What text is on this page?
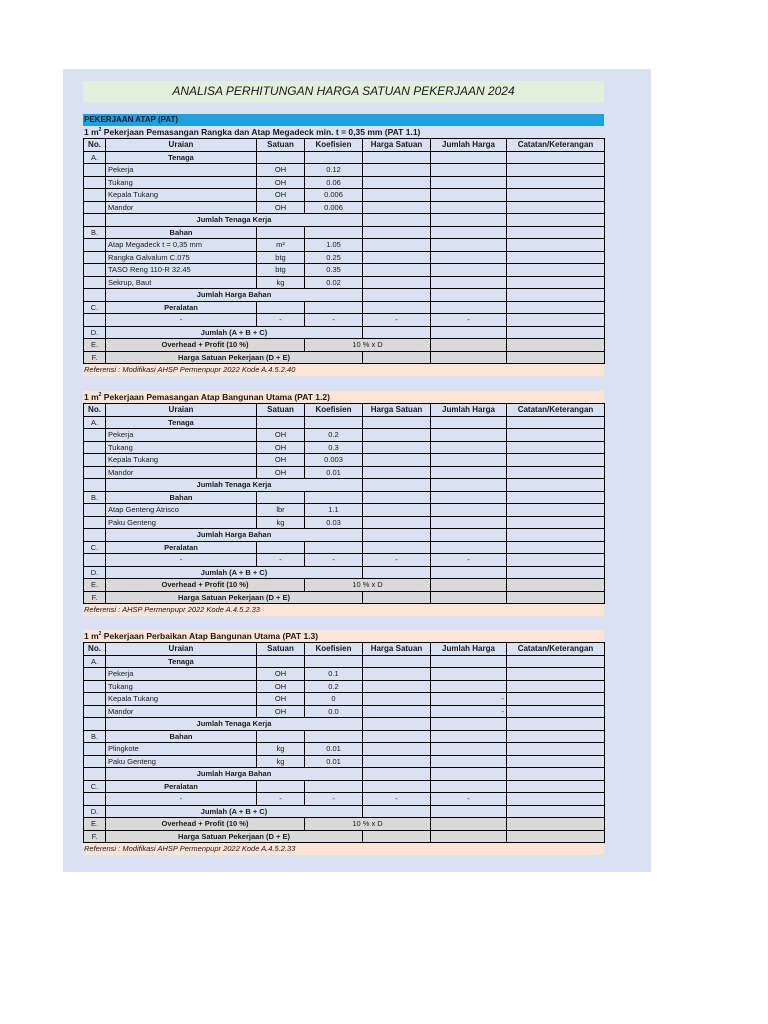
ANALISA PERHITUNGAN HARGA SATUAN PEKERJAAN 2024
PEKERJAAN ATAP (PAT)
1 $m^2$ Pekerjaan Pemasangan Rangka dan Atap Megadeck min. t = 0,35 mm (PAT 1.1)
No.	Uraian	Satuan	Koefisien	Harga Satuan	Jumlah Harga	Catatan/Keterangan
A.	Tenaga					
	Pekerja	OH	0.12			
	Tukang	OH	0.06			
	Kepala Tukang	OH	0.006			
	Mandor	OH	0.006			
	Jumlah Tenaga Kerja					
B.	Bahan					
	Atap Megadeck t = 0,35 mm	m²	1.05			
	Rangka Galvalum C.075	btg	0.25			
	TASO Reng 110-R 32.45	btg	0.35			
	Sekrup, Baut	kg	0.02			
	Jumlah Harga Bahan					
C.	Peralatan					
	-	-	-	-	-	
D.	Jumlah (A + B + C)					
E.	Overhead + Profit (10 %)		10 % x D			
F.	Harga Satuan Pekerjaan (D + E)					
Referensi : Modifikasi AHSP Permenpupr 2022 Kode A.4.5.2.40
1 $m^2$ Pekerjaan Pemasangan Atap Bangunan Utama (PAT 1.2)
No.	Uraian	Satuan	Koefisien	Harga Satuan	Jumlah Harga	Catatan/Keterangan
A.	Tenaga					
	Pekerja	OH	0.2			
	Tukang	OH	0.3			
	Kepala Tukang	OH	0.003			
	Mandor	OH	0.01			
	Jumlah Tenaga Kerja					
B.	Bahan					
	Atap Genteng Atrisco	lbr	1.1			
	Paku Genteng	kg	0.03			
	Jumlah Harga Bahan					
C.	Peralatan					
	-	-	-	-	-	
D.	Jumlah (A + B + C)					
E.	Overhead + Profit (10 %)		10 % x D			
F.	Harga Satuan Pekerjaan (D + E)					
Referensi : AHSP Permenpupr 2022 Kode A.4.5.2.33
1 $m^2$ Pekerjaan Perbaikan Atap Bangunan Utama (PAT 1.3)
No.	Uraian	Satuan	Koefisien	Harga Satuan	Jumlah Harga	Catatan/Keterangan
A.	Tenaga					
	Pekerja	OH	0.1			
	Tukang	OH	0.2			
	Kepala Tukang	OH	0		-	
	Mandor	OH	0.0		-	
	Jumlah Tenaga Kerja					
B.	Bahan					
	Plingkote	kg	0.01			
	Paku Genteng	kg	0.01			
	Jumlah Harga Bahan					
C.	Peralatan					
	-	-	-	-	-	
D.	Jumlah (A + B + C)					
E.	Overhead + Profit (10 %)		10 % x D			
F.	Harga Satuan Pekerjaan (D + E)					
Referensi : Modifikasi AHSP Permenpupr 2022 Kode A.4.5.2.33
